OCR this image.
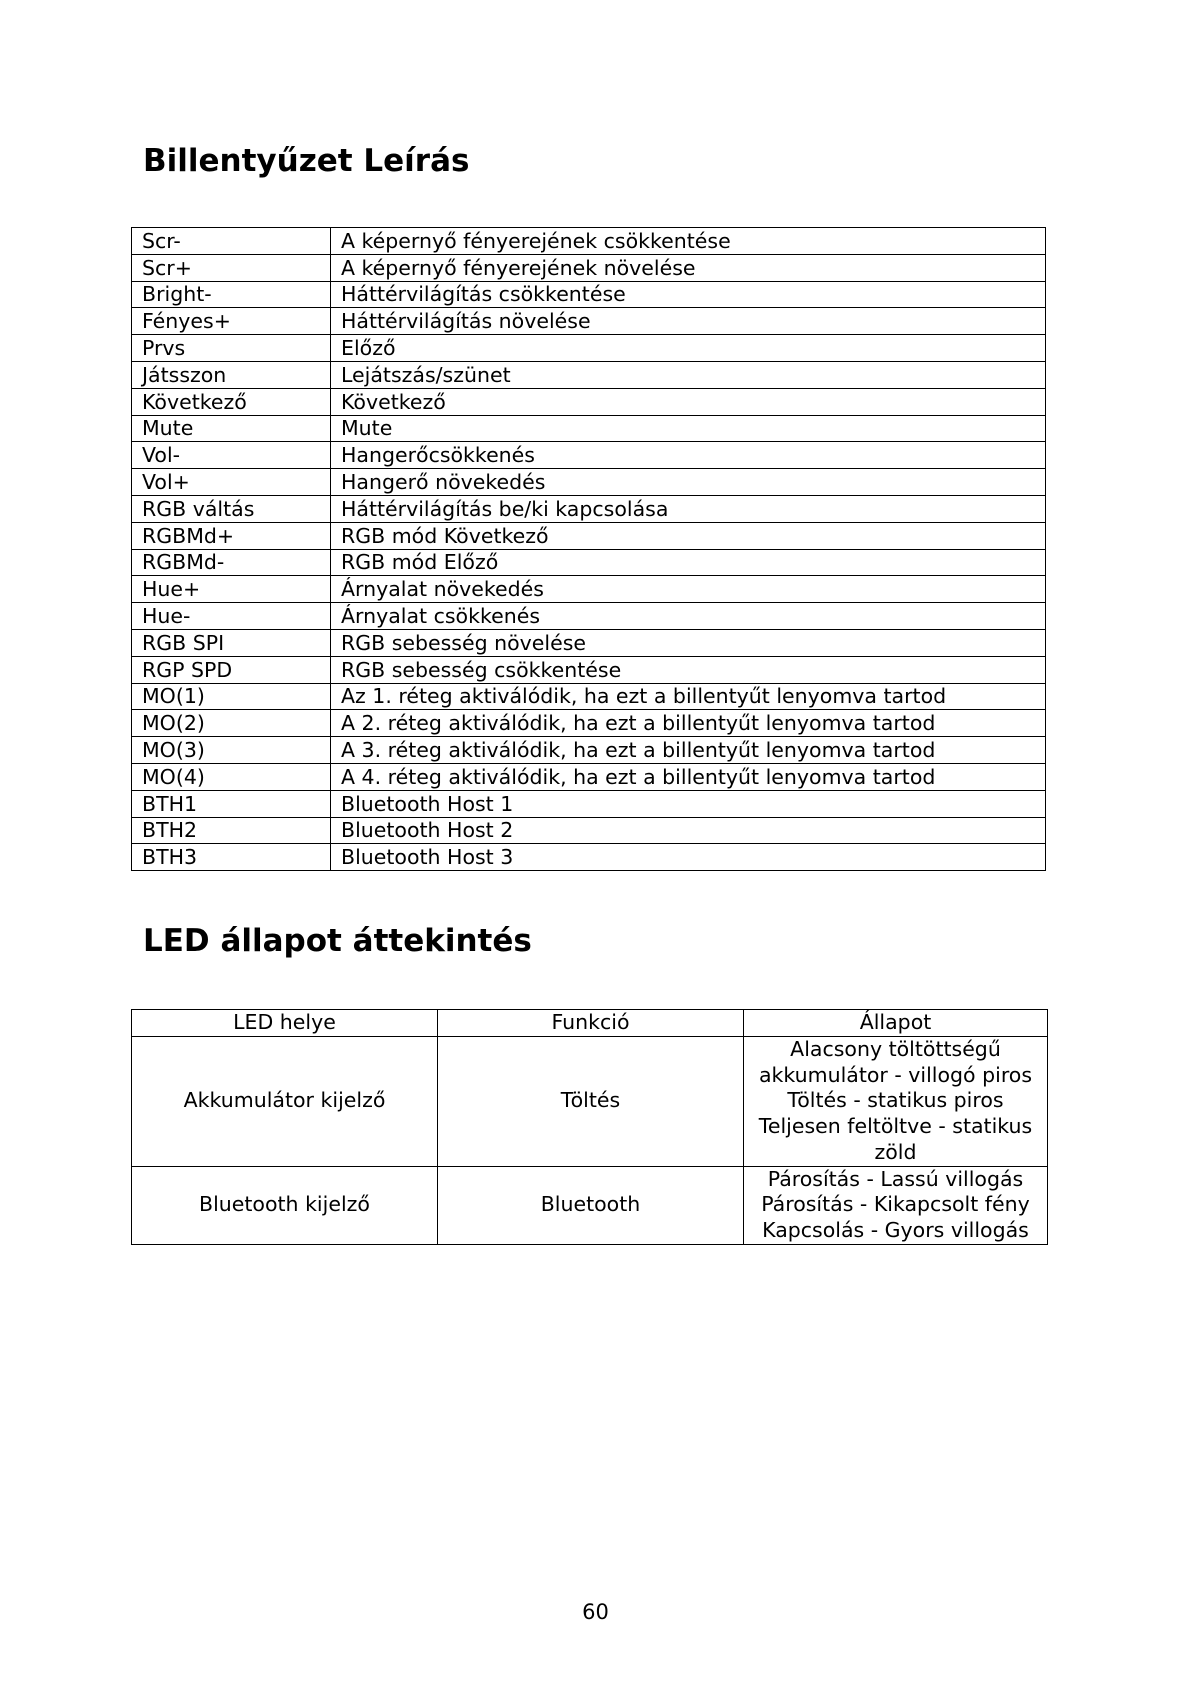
Billentyűzet Leírás
Scr-	A képernyő fényerejének csökkentése
Scr+	A képernyő fényerejének növelése
Bright-	Háttérvilágítás csökkentése
Fényes+	Háttérvilágítás növelése
Prvs	Előző
Játsszon	Lejátszás/szünet
Következő	Következő
Mute	Mute
Vol-	Hangerőcsökkenés
Vol+	Hangerő növekedés
RGB váltás	Háttérvilágítás be/ki kapcsolása
RGBMd+	RGB mód Következő
RGBMd-	RGB mód Előző
Hue+	Árnyalat növekedés
Hue-	Árnyalat csökkenés
RGB SPI	RGB sebesség növelése
RGP SPD	RGB sebesség csökkentése
MO(1)	Az 1. réteg aktiválódik, ha ezt a billentyűt lenyomva tartod
MO(2)	A 2. réteg aktiválódik, ha ezt a billentyűt lenyomva tartod
MO(3)	A 3. réteg aktiválódik, ha ezt a billentyűt lenyomva tartod
MO(4)	A 4. réteg aktiválódik, ha ezt a billentyűt lenyomva tartod
BTH1	Bluetooth Host 1
BTH2	Bluetooth Host 2
BTH3	Bluetooth Host 3
LED állapot áttekintés
LED helye	Funkció	Állapot
Akkumulátor kijelző	Töltés	Alacsony töltöttségű
akkumulátor - villogó piros
Töltés - statikus piros
Teljesen feltöltve - statikus
zöld

Bluetooth kijelző	Bluetooth	Párosítás - Lassú villogás
Párosítás - Kikapcsolt fény
Kapcsolás - Gyors villogás
60
